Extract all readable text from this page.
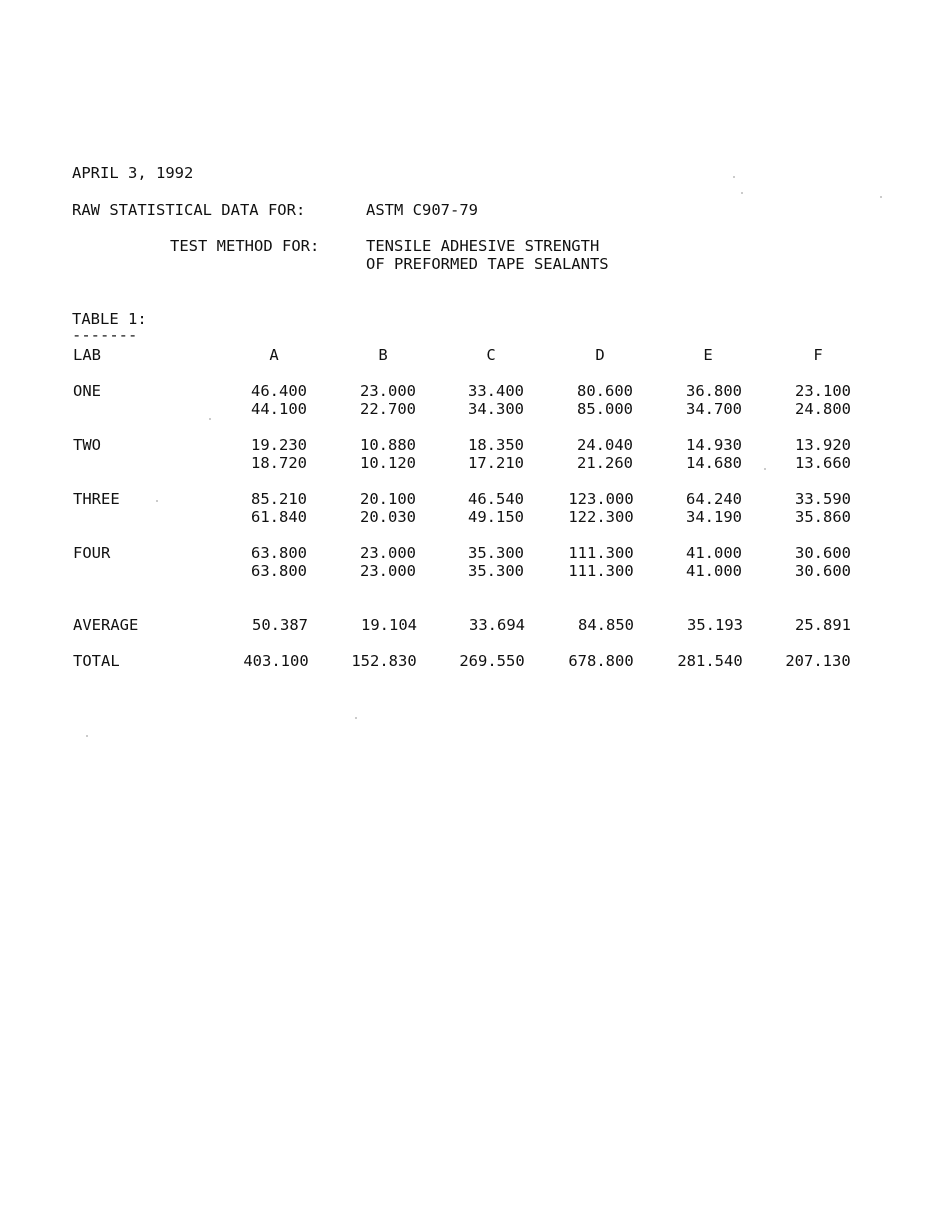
APRIL 3, 1992
RAW STATISTICAL DATA FOR:	ASTM C907-79
TEST METHOD FOR:	TENSILE ADHESIVE STRENGTH
OF PREFORMED TAPE SEALANTS
TABLE 1:
-------
LAB	A	B	C	D	E	F
ONE	46.400	23.000	33.400	80.600	36.800	23.100
44.100	22.700	34.300	85.000	34.700	24.800
TWO	19.230	10.880	18.350	24.040	14.930	13.920
18.720	10.120	17.210	21.260	14.680	13.660
THREE	85.210	20.100	46.540	123.000	64.240	33.590
61.840	20.030	49.150	122.300	34.190	35.860
FOUR	63.800	23.000	35.300	111.300	41.000	30.600
63.800	23.000	35.300	111.300	41.000	30.600
AVERAGE	50.387	19.104	33.694	84.850	35.193	25.891
TOTAL	403.100	152.830	269.550	678.800	281.540	207.130
